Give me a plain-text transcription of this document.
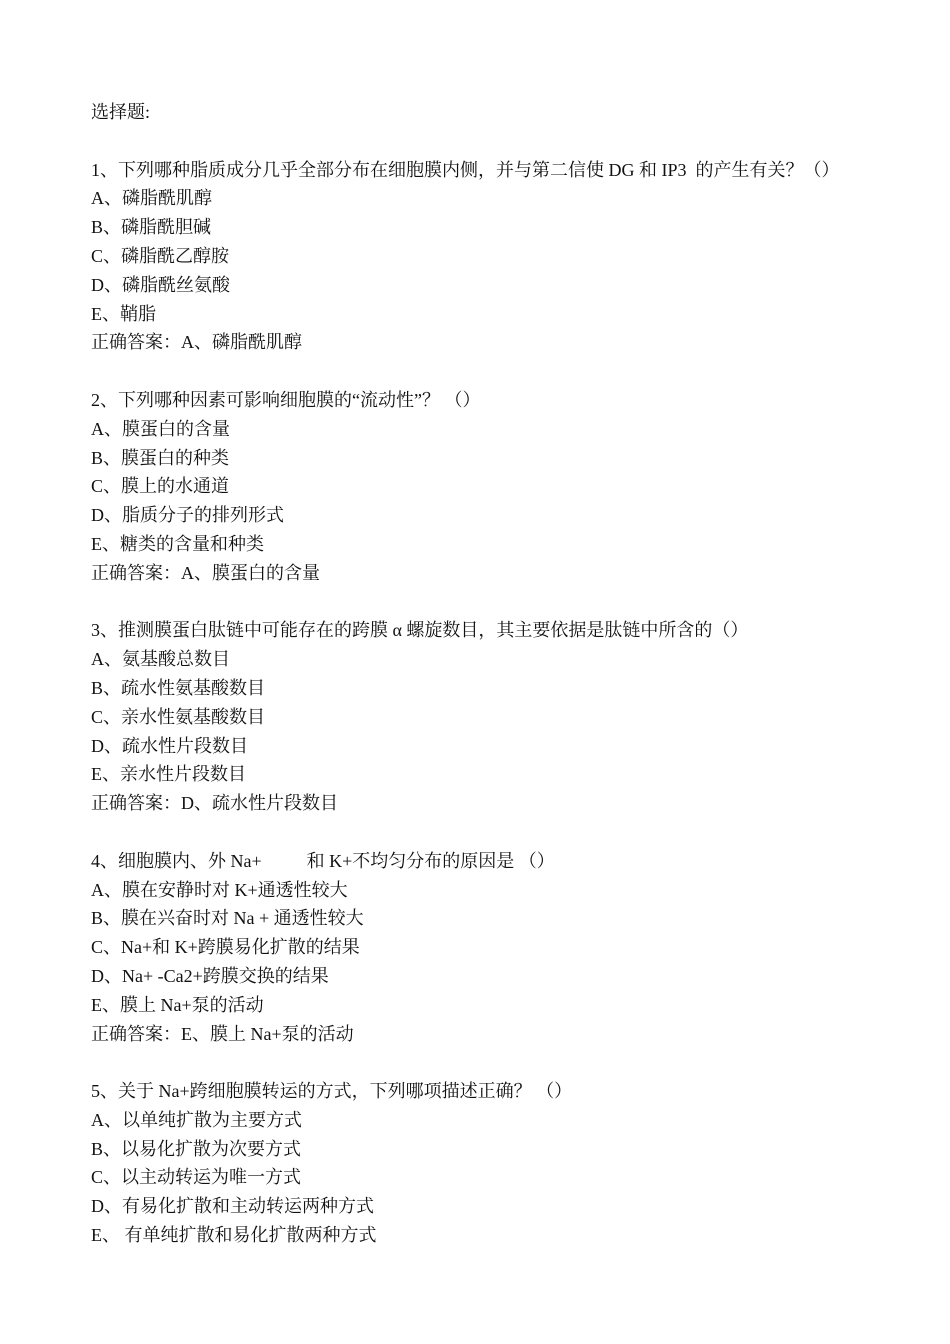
选择题:
1、下列哪种脂质成分几乎全部分布在细胞膜内侧，并与第二信使 DG 和 IP3  的产生有关？（）
A、磷脂酰肌醇
B、磷脂酰胆碱
C、磷脂酰乙醇胺
D、磷脂酰丝氨酸
E、鞘脂
正确答案：A、磷脂酰肌醇
2、下列哪种因素可影响细胞膜的“流动性”？ （）
A、膜蛋白的含量
B、膜蛋白的种类
C、膜上的水通道
D、脂质分子的排列形式
E、糖类的含量和种类
正确答案：A、膜蛋白的含量
3、推测膜蛋白肽链中可能存在的跨膜 α 螺旋数目，其主要依据是肽链中所含的（）
A、氨基酸总数目
B、疏水性氨基酸数目
C、亲水性氨基酸数目
D、疏水性片段数目
E、亲水性片段数目
正确答案：D、疏水性片段数目
4、细胞膜内、外 Na+          和 K+不均匀分布的原因是 （）
A、膜在安静时对 K+通透性较大
B、膜在兴奋时对 Na + 通透性较大
C、Na+和 K+跨膜易化扩散的结果
D、Na+ -Ca2+跨膜交换的结果
E、膜上 Na+泵的活动
正确答案：E、膜上 Na+泵的活动
5、关于 Na+跨细胞膜转运的方式，下列哪项描述正确？ （）
A、以单纯扩散为主要方式
B、以易化扩散为次要方式
C、以主动转运为唯一方式
D、有易化扩散和主动转运两种方式
E、 有单纯扩散和易化扩散两种方式
